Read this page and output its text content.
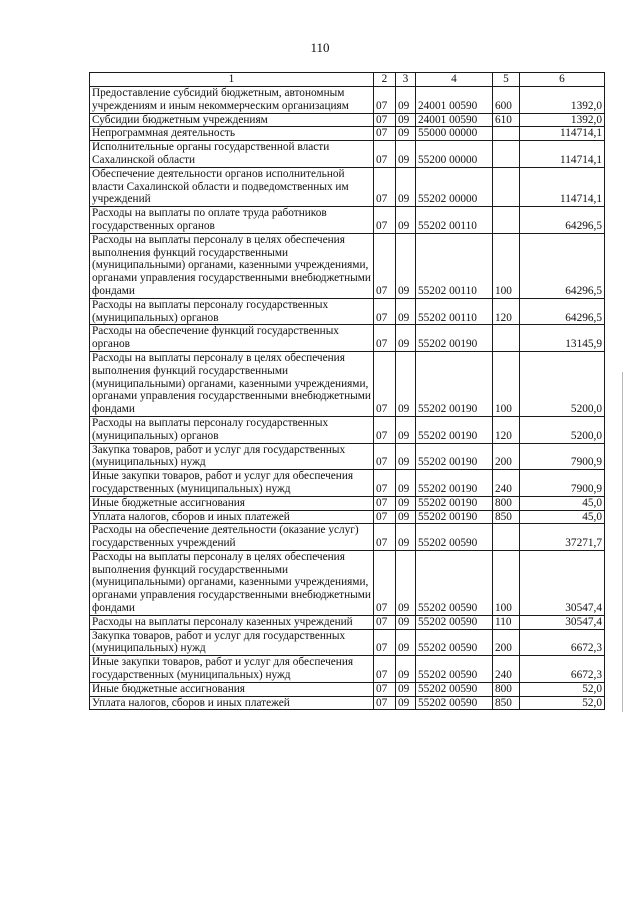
110
1	2	3	4	5	6
Предоставление субсидий бюджетным, автономным учреждениям и иным некоммерческим организациям	07	09	24001 00590	600	1392,0
Субсидии бюджетным учреждениям	07	09	24001 00590	610	1392,0
Непрограммная деятельность	07	09	55000 00000		114714,1
Исполнительные органы государственной власти Сахалинской области	07	09	55200 00000		114714,1
Обеспечение деятельности органов исполнительной власти Сахалинской области и подведомственных им учреждений	07	09	55202 00000		114714,1
Расходы на выплаты по оплате труда работников государственных органов	07	09	55202 00110		64296,5
Расходы на выплаты персоналу в целях обеспечения выполнения функций государственными (муниципальными) органами, казенными учреждениями, органами управления государственными внебюджетными фондами	07	09	55202 00110	100	64296,5
Расходы на выплаты персоналу государственных (муниципальных) органов	07	09	55202 00110	120	64296,5
Расходы на обеспечение функций государственных органов	07	09	55202 00190		13145,9
Расходы на выплаты персоналу в целях обеспечения выполнения функций государственными (муниципальными) органами, казенными учреждениями, органами управления государственными внебюджетными фондами	07	09	55202 00190	100	5200,0
Расходы на выплаты персоналу государственных (муниципальных) органов	07	09	55202 00190	120	5200,0
Закупка товаров, работ и услуг для государственных (муниципальных) нужд	07	09	55202 00190	200	7900,9
Иные закупки товаров, работ и услуг для обеспечения государственных (муниципальных) нужд	07	09	55202 00190	240	7900,9
Иные бюджетные ассигнования	07	09	55202 00190	800	45,0
Уплата налогов, сборов и иных платежей	07	09	55202 00190	850	45,0
Расходы на обеспечение деятельности (оказание услуг) государственных учреждений	07	09	55202 00590		37271,7
Расходы на выплаты персоналу в целях обеспечения выполнения функций государственными (муниципальными) органами, казенными учреждениями, органами управления государственными внебюджетными фондами	07	09	55202 00590	100	30547,4
Расходы на выплаты персоналу казенных учреждений	07	09	55202 00590	110	30547,4
Закупка товаров, работ и услуг для государственных (муниципальных) нужд	07	09	55202 00590	200	6672,3
Иные закупки товаров, работ и услуг для обеспечения государственных (муниципальных) нужд	07	09	55202 00590	240	6672,3
Иные бюджетные ассигнования	07	09	55202 00590	800	52,0
Уплата налогов, сборов и иных платежей	07	09	55202 00590	850	52,0
